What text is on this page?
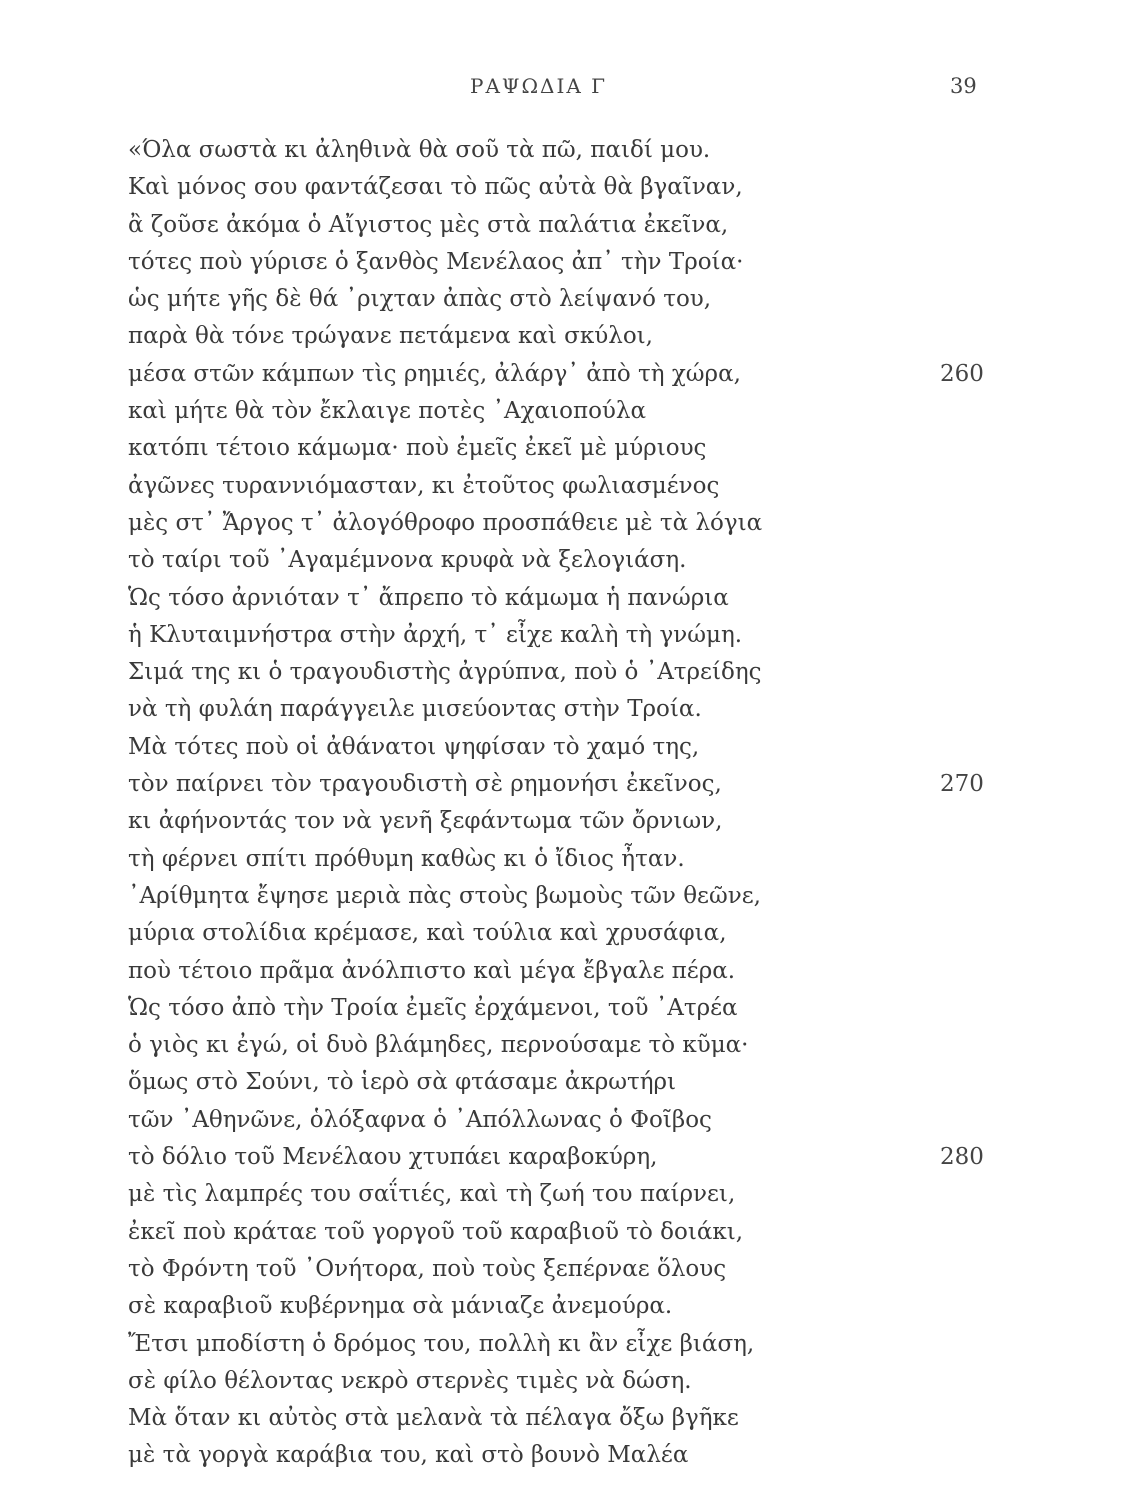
ΡΑΨΩΔΙΑ Γ	39
«Όλα σωστὰ κι ἀληθινὰ θὰ σοῦ τὰ πῶ, παιδί μου.
Καὶ μόνος σου φαντάζεσαι τὸ πῶς αὐτὰ θὰ βγαῖναν,
ἂ ζοῦσε ἀκόμα ὁ Αἴγιστος μὲς στὰ παλάτια ἐκεῖνα,
τότες ποὺ γύρισε ὁ ξανθὸς Μενέλαος ἀπ᾽ τὴν Τροία·
ὡς μήτε γῆς δὲ θά ᾽ριχταν ἀπὰς στὸ λείψανό του,
παρὰ θὰ τόνε τρώγανε πετάμενα καὶ σκύλοι,
μέσα στῶν κάμπων τὶς ρημιές, ἀλάργ᾽ ἀπὸ τὴ χώρα,	260
καὶ μήτε θὰ τὸν ἔκλαιγε ποτὲς ᾽Αχαιοπούλα
κατόπι τέτοιο κάμωμα· ποὺ ἐμεῖς ἐκεῖ μὲ μύριους
ἀγῶνες τυραννιόμασταν, κι ἐτοῦτος φωλιασμένος
μὲς στ᾽ Ἄργος τ᾽ ἀλογόθροφο προσπάθειε μὲ τὰ λόγια
τὸ ταίρι τοῦ ᾽Αγαμέμνονα κρυφὰ νὰ ξελογιάση.
Ὡς τόσο ἀρνιόταν τ᾽ ἄπρεπο τὸ κάμωμα ἡ πανώρια
ἡ Κλυταιμνήστρα στὴν ἀρχή, τ᾽ εἶχε καλὴ τὴ γνώμη.
Σιμά της κι ὁ τραγουδιστὴς ἀγρύπνα, ποὺ ὁ ᾽Ατρείδης
νὰ τὴ φυλάη παράγγειλε μισεύοντας στὴν Τροία.
Μὰ τότες ποὺ οἱ ἀθάνατοι ψηφίσαν τὸ χαμό της,
τὸν παίρνει τὸν τραγουδιστὴ σὲ ρημονήσι ἐκεῖνος,	270
κι ἀφήνοντάς τον νὰ γενῆ ξεφάντωμα τῶν ὄρνιων,
τὴ φέρνει σπίτι πρόθυμη καθὼς κι ὁ ἴδιος ἦταν.
᾽Αρίθμητα ἔψησε μεριὰ πὰς στοὺς βωμοὺς τῶν θεῶνε,
μύρια στολίδια κρέμασε, καὶ τούλια καὶ χρυσάφια,
ποὺ τέτοιο πρᾶμα ἀνόλπιστο καὶ μέγα ἔβγαλε πέρα.
Ὡς τόσο ἀπὸ τὴν Τροία ἐμεῖς ἐρχάμενοι, τοῦ ᾽Ατρέα
ὁ γιὸς κι ἐγώ, οἱ δυὸ βλάμηδες, περνούσαμε τὸ κῦμα·
ὅμως στὸ Σούνι, τὸ ἱερὸ σὰ φτάσαμε ἀκρωτήρι
τῶν ᾽Αθηνῶνε, ὁλόξαφνα ὁ ᾽Απόλλωνας ὁ Φοῖβος
τὸ δόλιο τοῦ Μενέλαου χτυπάει καραβοκύρη,	280
μὲ τὶς λαμπρές του σαΐτιές, καὶ τὴ ζωή του παίρνει,
ἐκεῖ ποὺ κράταε τοῦ γοργοῦ τοῦ καραβιοῦ τὸ δοιάκι,
τὸ Φρόντη τοῦ ᾽Ονήτορα, ποὺ τοὺς ξεπέρναε ὅλους
σὲ καραβιοῦ κυβέρνημα σὰ μάνιαζε ἀνεμούρα.
Ἔτσι μποδίστη ὁ δρόμος του, πολλὴ κι ἂν εἶχε βιάση,
σὲ φίλο θέλοντας νεκρὸ στερνὲς τιμὲς νὰ δώση.
Μὰ ὅταν κι αὐτὸς στὰ μελανὰ τὰ πέλαγα ὄξω βγῆκε
μὲ τὰ γοργὰ καράβια του, καὶ στὸ βουνὸ Μαλέα
